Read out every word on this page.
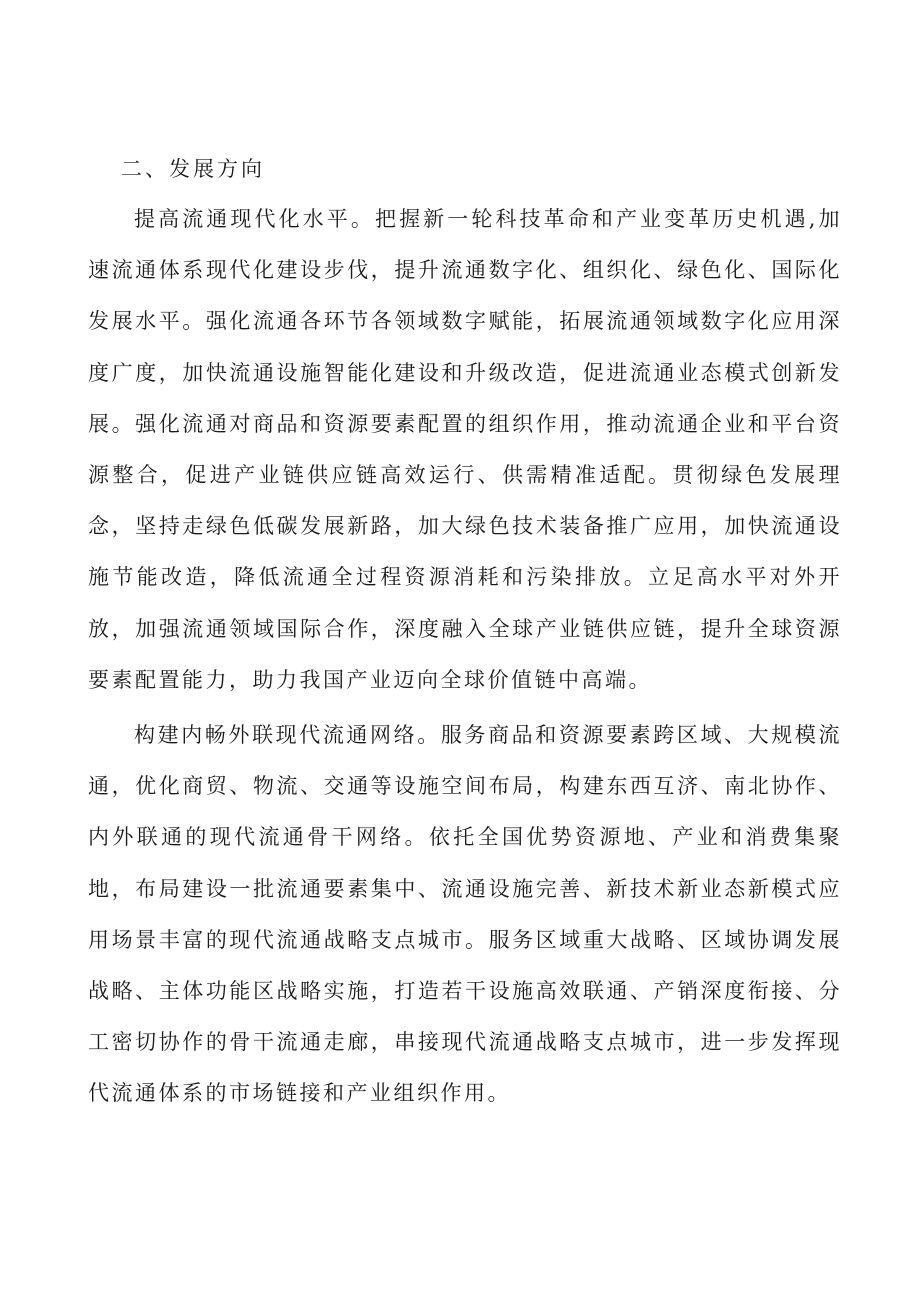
二、发展方向

提高流通现代化水平。把握新一轮科技革命和产业变革历史机遇,加速流通体系现代化建设步伐，提升流通数字化、组织化、绿色化、国际化发展水平。强化流通各环节各领域数字赋能，拓展流通领域数字化应用深度广度，加快流通设施智能化建设和升级改造，促进流通业态模式创新发展。强化流通对商品和资源要素配置的组织作用，推动流通企业和平台资源整合，促进产业链供应链高效运行、供需精准适配。贯彻绿色发展理念，坚持走绿色低碳发展新路，加大绿色技术装备推广应用，加快流通设施节能改造，降低流通全过程资源消耗和污染排放。立足高水平对外开放，加强流通领域国际合作，深度融入全球产业链供应链，提升全球资源要素配置能力，助力我国产业迈向全球价值链中高端。

构建内畅外联现代流通网络。服务商品和资源要素跨区域、大规模流通，优化商贸、物流、交通等设施空间布局，构建东西互济、南北协作、内外联通的现代流通骨干网络。依托全国优势资源地、产业和消费集聚地，布局建设一批流通要素集中、流通设施完善、新技术新业态新模式应用场景丰富的现代流通战略支点城市。服务区域重大战略、区域协调发展战略、主体功能区战略实施，打造若干设施高效联通、产销深度衔接、分工密切协作的骨干流通走廊，串接现代流通战略支点城市，进一步发挥现代流通体系的市场链接和产业组织作用。
